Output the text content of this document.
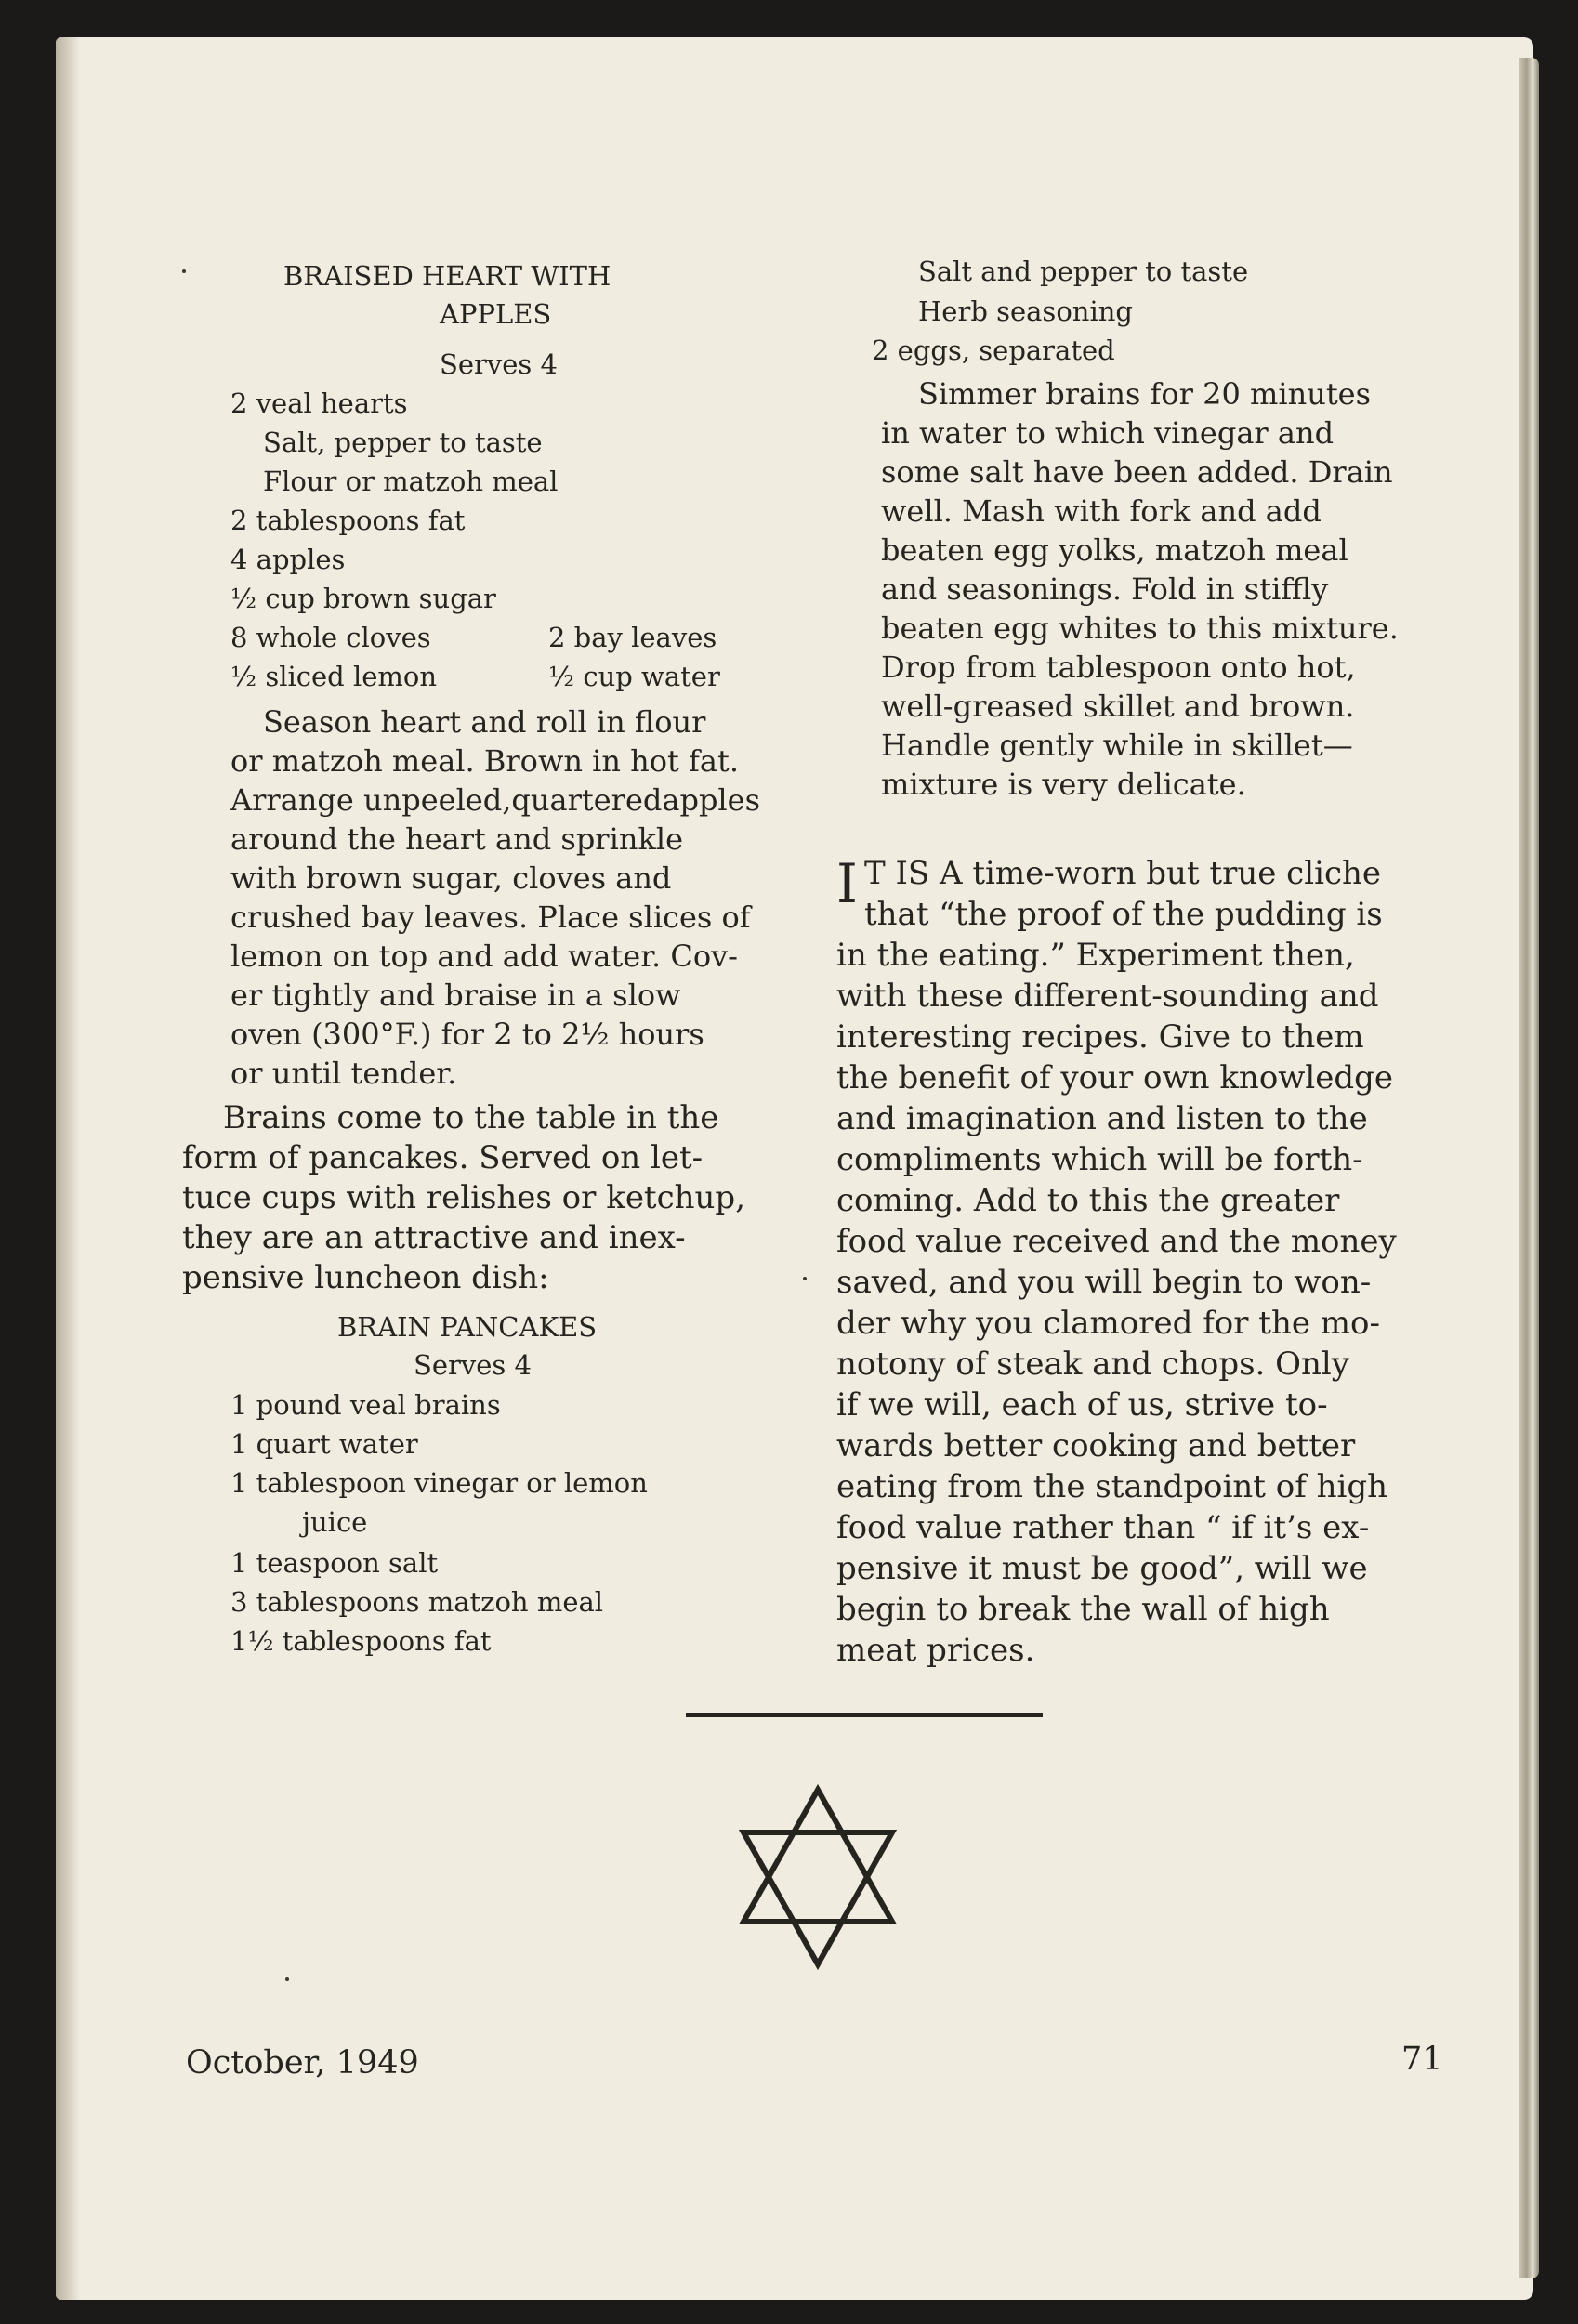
BRAISED HEART WITH
APPLES
Serves 4
2 veal hearts
Salt, pepper to taste
Flour or matzoh meal
2 tablespoons fat
4 apples
½ cup brown sugar
8 whole cloves	2 bay leaves
½ sliced lemon	½ cup water
Season heart and roll in flour
or matzoh meal. Brown in hot fat.
Arrange unpeeled,quarteredapples
around the heart and sprinkle
with brown sugar, cloves and
crushed bay leaves. Place slices of
lemon on top and add water. Cov-
er tightly and braise in a slow
oven (300°F.) for 2 to 2½ hours
or until tender.
Brains come to the table in the
form of pancakes. Served on let-
tuce cups with relishes or ketchup,
they are an attractive and inex-
pensive luncheon dish:
BRAIN PANCAKES
Serves 4
1 pound veal brains
1 quart water
1 tablespoon vinegar or lemon
juice
1 teaspoon salt
3 tablespoons matzoh meal
1½ tablespoons fat
Salt and pepper to taste
Herb seasoning
2 eggs, separated
Simmer brains for 20 minutes
in water to which vinegar and
some salt have been added. Drain
well. Mash with fork and add
beaten egg yolks, matzoh meal
and seasonings. Fold in stiffly
beaten egg whites to this mixture.
Drop from tablespoon onto hot,
well-greased skillet and brown.
Handle gently while in skillet—
mixture is very delicate.
I T IS A time-worn but true cliche
that “the proof of the pudding is
in the eating.” Experiment then,
with these different-sounding and
interesting recipes. Give to them
the benefit of your own knowledge
and imagination and listen to the
compliments which will be forth-
coming. Add to this the greater
food value received and the money
saved, and you will begin to won-
der why you clamored for the mo-
notony of steak and chops. Only
if we will, each of us, strive to-
wards better cooking and better
eating from the standpoint of high
food value rather than “ if it’s ex-
pensive it must be good”, will we
begin to break the wall of high
meat prices.
October, 1949	71
